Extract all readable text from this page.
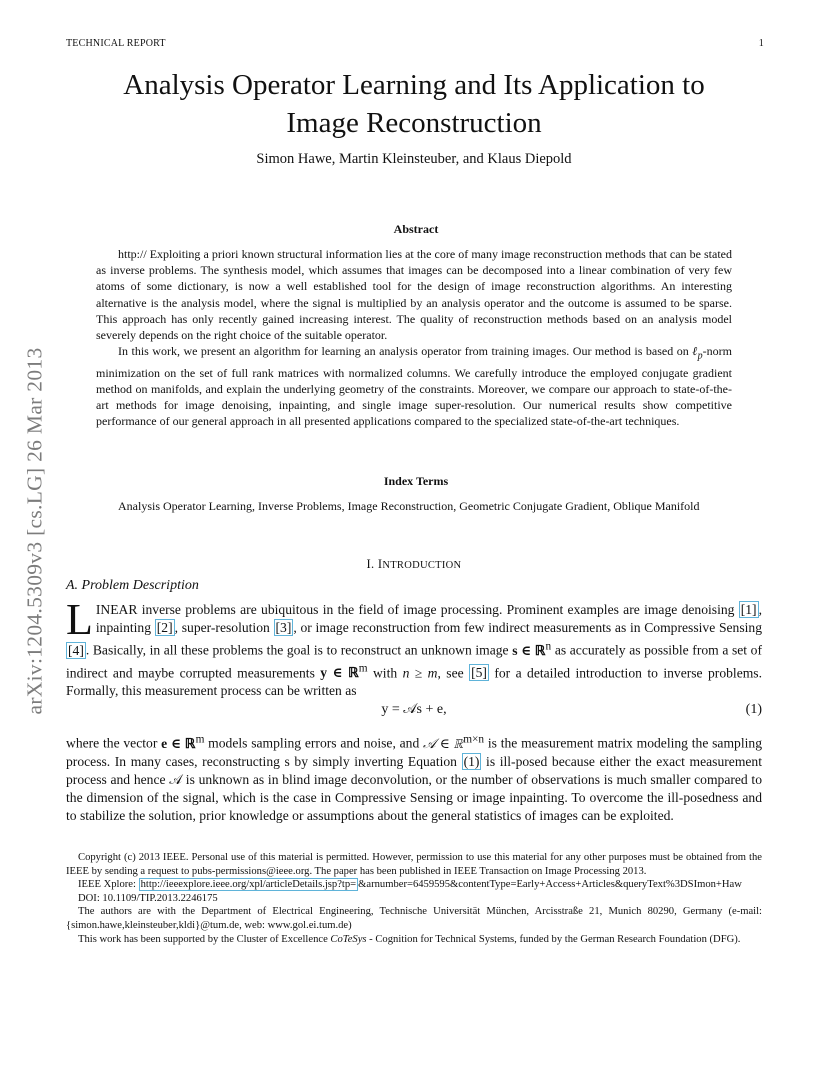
TECHNICAL REPORT	1
arXiv:1204.5309v3 [cs.LG] 26 Mar 2013
Analysis Operator Learning and Its Application to
Image Reconstruction
Simon Hawe, Martin Kleinsteuber, and Klaus Diepold
Abstract

http:// Exploiting a priori known structural information lies at the core of many image reconstruction methods that can be stated as inverse problems. The synthesis model, which assumes that images can be decomposed into a linear combination of very few atoms of some dictionary, is now a well established tool for the design of image reconstruction algorithms. An interesting alternative is the analysis model, where the signal is multiplied by an analysis operator and the outcome is assumed to be sparse. This approach has only recently gained increasing interest. The quality of reconstruction methods based on an analysis model severely depends on the right choice of the suitable operator.

In this work, we present an algorithm for learning an analysis operator from training images. Our method is based on ℓ$_p$-norm minimization on the set of full rank matrices with normalized columns. We carefully introduce the employed conjugate gradient method on manifolds, and explain the underlying geometry of the constraints. Moreover, we compare our approach to state-of-the-art methods for image denoising, inpainting, and single image super-resolution. Our numerical results show competitive performance of our general approach in all presented applications compared to the specialized state-of-the-art techniques.

Index Terms

Analysis Operator Learning, Inverse Problems, Image Reconstruction, Geometric Conjugate Gradient, Oblique Manifold

I. INTRODUCTION
A. Problem Description

LINEAR inverse problems are ubiquitous in the field of image processing. Prominent examples are image denoising [1] , inpainting [2] , super-resolution [3] , or image reconstruction from few indirect measurements as in Compressive Sensing [4] . Basically, in all these problems the goal is to reconstruct an unknown image s ∈ ℝ$^n$ as accurately as possible from a set of indirect and maybe corrupted measurements y ∈ ℝ$^m$ with n ≥ m, see [5] for a detailed introduction to inverse problems. Formally, this measurement process can be written as

y = 𝒜s + e,	(1)

where the vector e ∈ ℝ$^m$ models sampling errors and noise, and 𝒜 ∈ ℝ$^{m\times n}$ is the measurement matrix modeling the sampling process. In many cases, reconstructing s by simply inverting Equation (1) is ill-posed because either the exact measurement process and hence 𝒜 is unknown as in blind image deconvolution, or the number of observations is much smaller compared to the dimension of the signal, which is the case in Compressive Sensing or image inpainting. To overcome the ill-posedness and to stabilize the solution, prior knowledge or assumptions about the general statistics of images can be exploited.

Copyright (c) 2013 IEEE. Personal use of this material is permitted. However, permission to use this material for any other purposes must be obtained from the IEEE by sending a request to pubs-permissions@ieee.org. The paper has been published in IEEE Transaction on Image Processing 2013.

IEEE Xplore: http://ieeexplore.ieee.org/xpl/articleDetails.jsp?tp= &arnumber=6459595&contentType=Early+Access+Articles&queryText%3DSImon+Haw

DOI: 10.1109/TIP.2013.2246175

The authors are with the Department of Electrical Engineering, Technische Universität München, Arcisstraße 21, Munich 80290, Germany (e-mail: {simon.hawe,kleinsteuber,kldi}@tum.de, web: www.gol.ei.tum.de)

This work has been supported by the Cluster of Excellence CoTeSys - Cognition for Technical Systems, funded by the German Research Foundation (DFG).
